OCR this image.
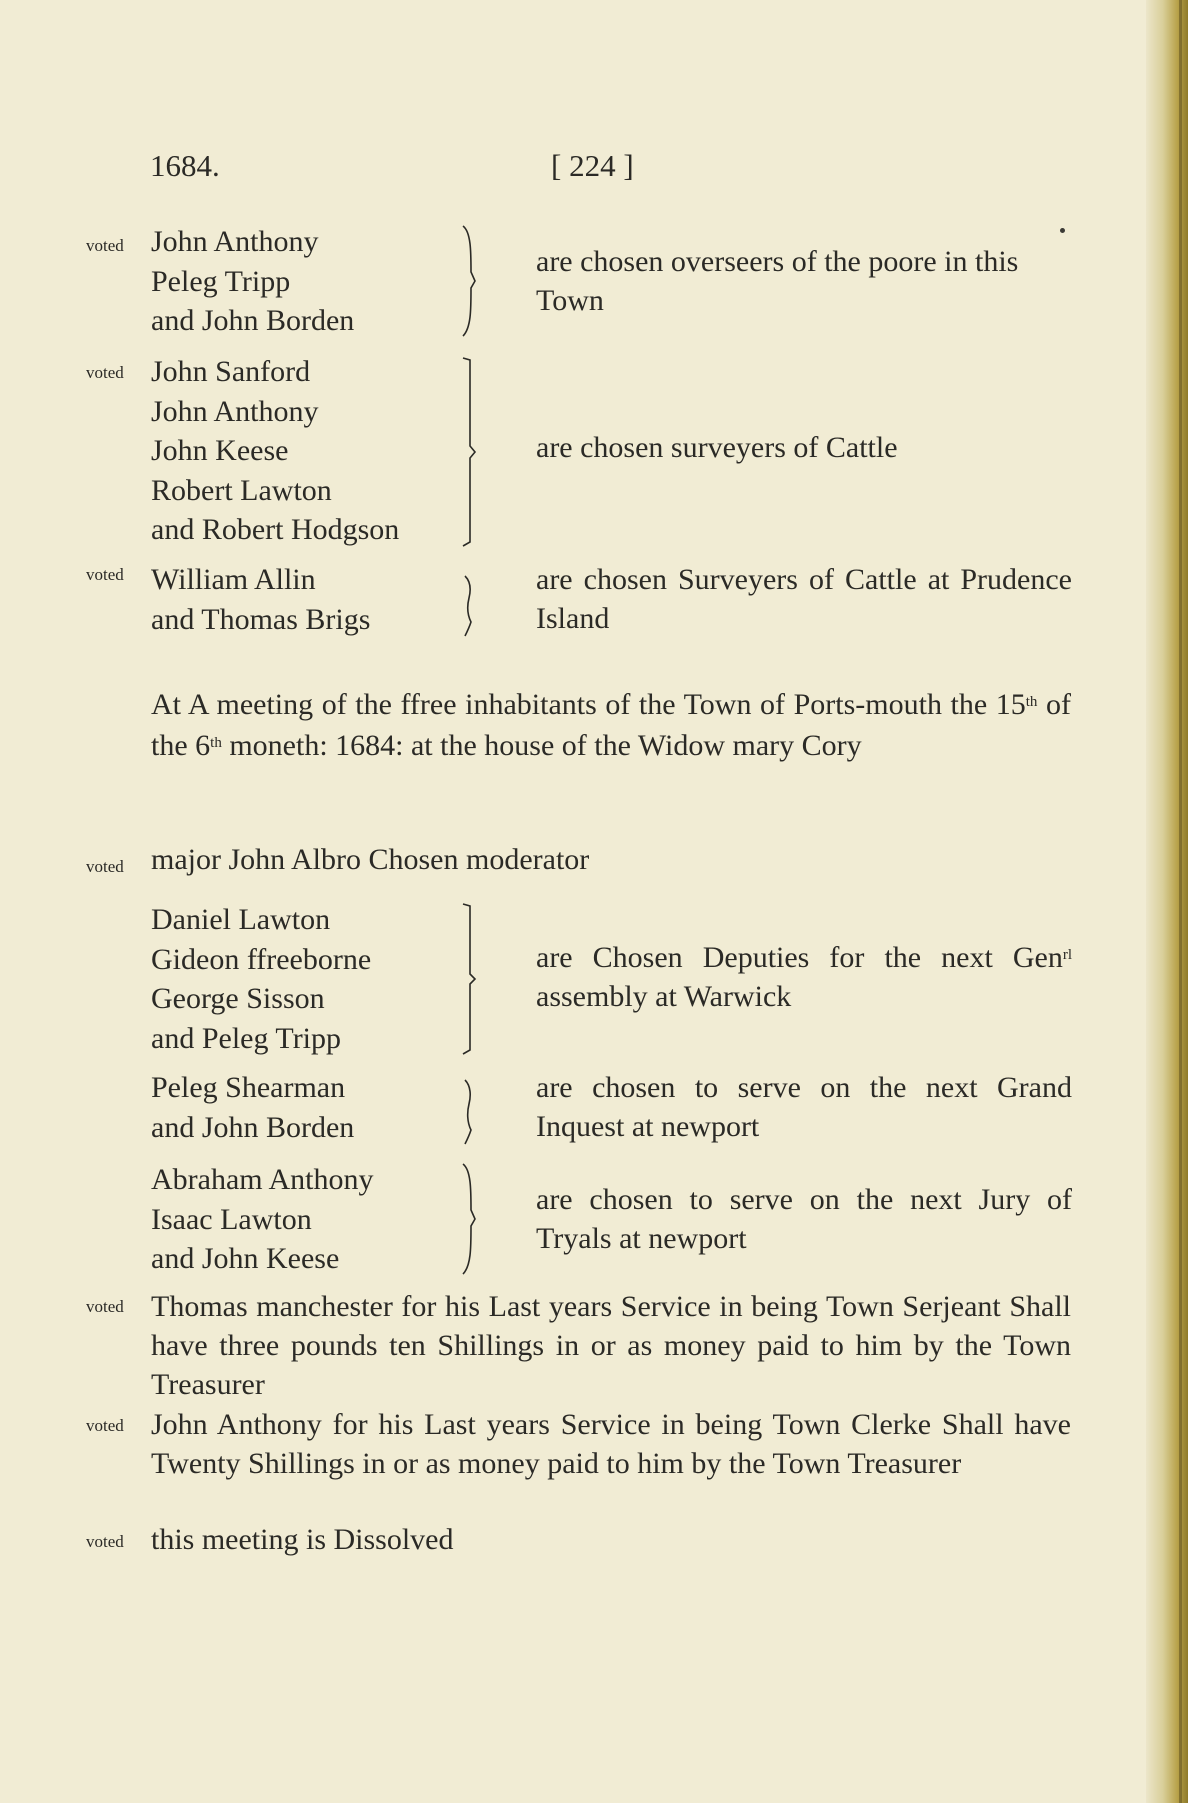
1684.	[ 224 ]
voted John Anthony
Peleg Tripp
and John Borden
are chosen overseers of the poore in this Town
voted John Sanford
John Anthony
John Keese
Robert Lawton
and Robert Hodgson
are chosen surveyers of Cattle
voted William Allin
and Thomas Brigs
are chosen Surveyers of Cattle at Prudence Island
At A meeting of the ffree inhabitants of the Town of Ports-mouth the 15th of the 6th moneth: 1684: at the house of the Widow mary Cory
voted major John Albro Chosen moderator
Daniel Lawton
Gideon ffreeborne
George Sisson
and Peleg Tripp
are Chosen Deputies for the next Gen$^{rl}$ assembly at Warwick
Peleg Shearman
and John Borden
are chosen to serve on the next Grand Inquest at newport
Abraham Anthony
Isaac Lawton
and John Keese
are chosen to serve on the next Jury of Tryals at newport
voted Thomas manchester for his Last years Service in being Town Serjeant Shall have three pounds ten Shillings in or as money paid to him by the Town Treasurer
voted John Anthony for his Last years Service in being Town Clerke Shall have Twenty Shillings in or as money paid to him by the Town Treasurer
voted this meeting is Dissolved
